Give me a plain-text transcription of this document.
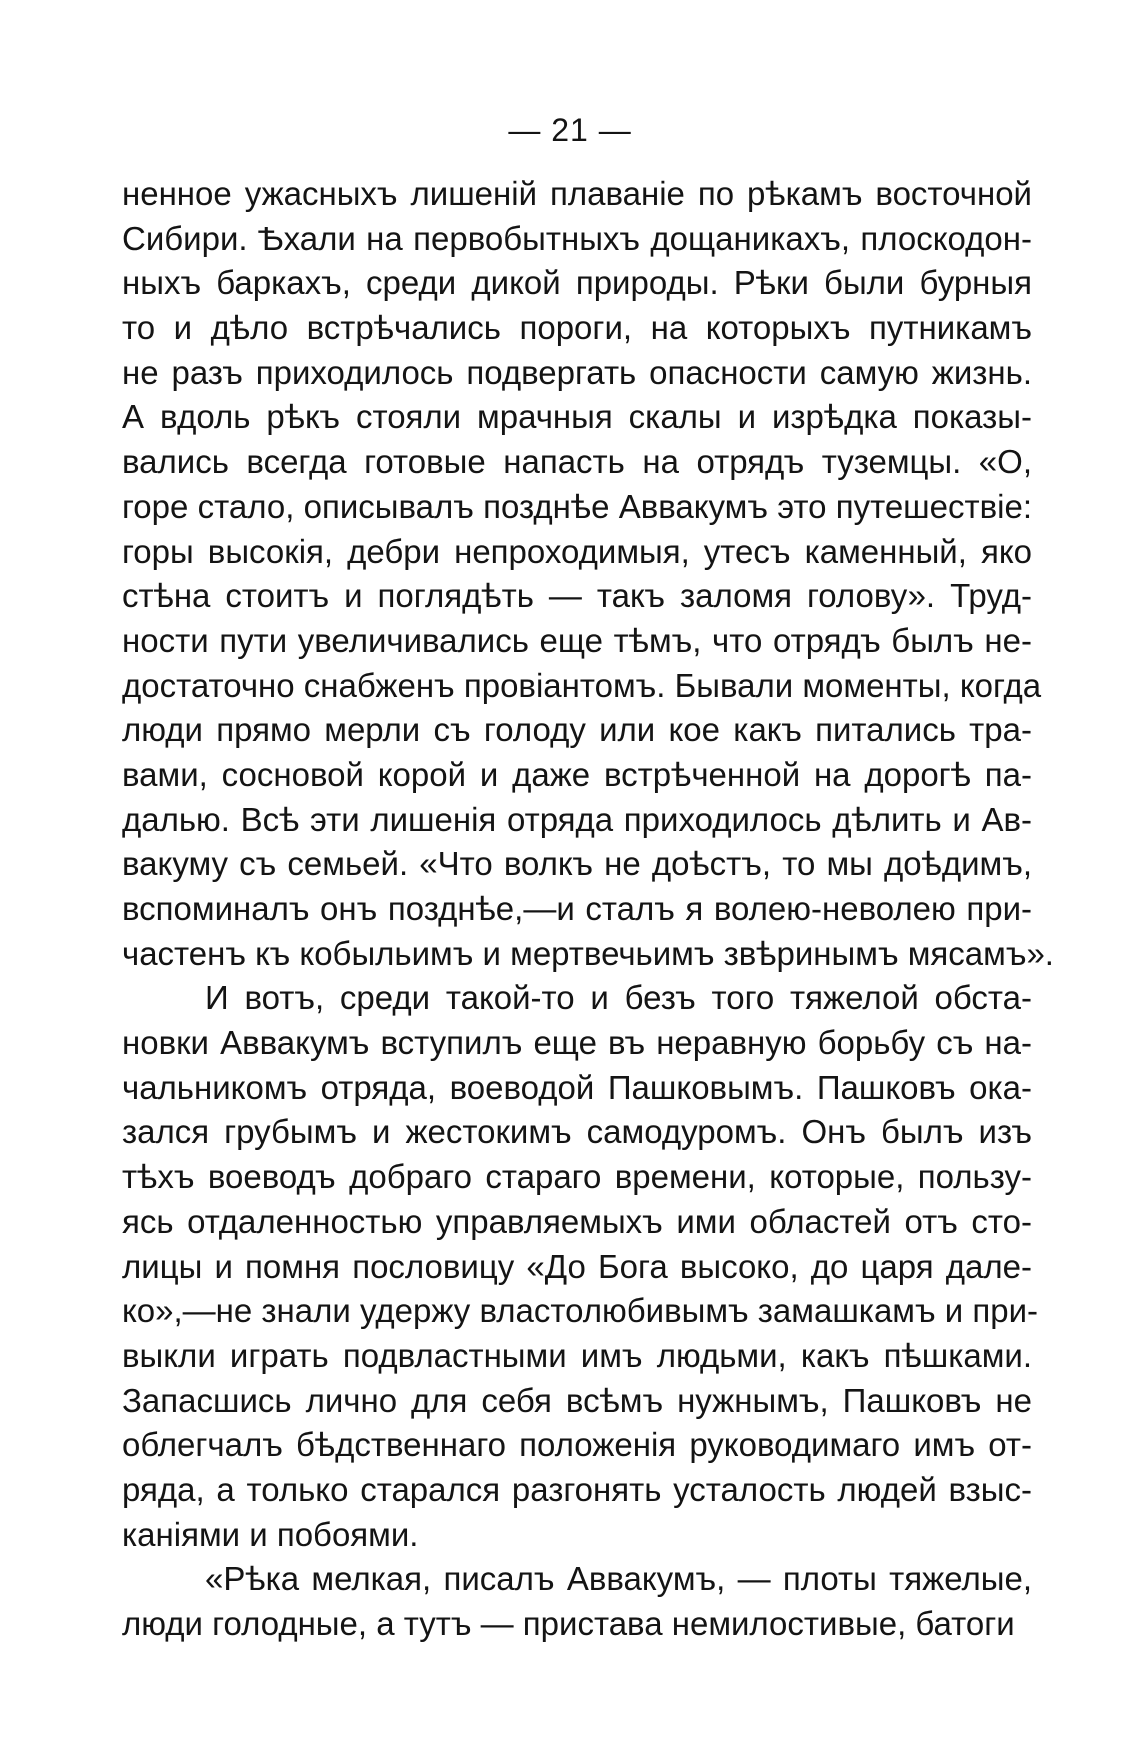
— 21 —
ненное ужасныхъ лишеній плаваніе по рѣкамъ восточной
Сибири. Ѣхали на первобытныхъ дощаникахъ, плоскодон-
ныхъ баркахъ, среди дикой природы. Рѣки были бурныя
то и дѣло встрѣчались пороги, на которыхъ путникамъ
не разъ приходилось подвергать опасности самую жизнь.
А вдоль рѣкъ стояли мрачныя скалы и изрѣдка показы-
вались всегда готовые напасть на отрядъ туземцы. «О,
горе стало, описывалъ позднѣе Аввакумъ это путешествіе:
горы высокія, дебри непроходимыя, утесъ каменный, яко
стѣна стоитъ и поглядѣть — такъ заломя голову». Труд-
ности пути увеличивались еще тѣмъ, что отрядъ былъ не-
достаточно снабженъ провіантомъ. Бывали моменты, когда
люди прямо мерли съ голоду или кое какъ питались тра-
вами, сосновой корой и даже встрѣченной на дорогѣ па-
далью. Всѣ эти лишенія отряда приходилось дѣлить и Ав-
вакуму съ семьей. «Что волкъ не доѣстъ, то мы доѣдимъ,
вспоминалъ онъ позднѣе,—и сталъ я волею-неволею при-
частенъ къ кобыльимъ и мертвечьимъ звѣринымъ мясамъ».
И вотъ, среди такой-то и безъ того тяжелой обста-
новки Аввакумъ вступилъ еще въ неравную борьбу съ на-
чальникомъ отряда, воеводой Пашковымъ. Пашковъ ока-
зался грубымъ и жестокимъ самодуромъ. Онъ былъ изъ
тѣхъ воеводъ добраго стараго времени, которые, пользу-
ясь отдаленностью управляемыхъ ими областей отъ сто-
лицы и помня пословицу «До Бога высоко, до царя дале-
ко»,—не знали удержу властолюбивымъ замашкамъ и при-
выкли играть подвластными имъ людьми, какъ пѣшками.
Запасшись лично для себя всѣмъ нужнымъ, Пашковъ не
облегчалъ бѣдственнаго положенія руководимаго имъ от-
ряда, а только старался разгонять усталость людей взыс-
каніями и побоями.
«Рѣка мелкая, писалъ Аввакумъ, — плоты тяжелые,
люди голодные, а тутъ — пристава немилостивые, батоги
